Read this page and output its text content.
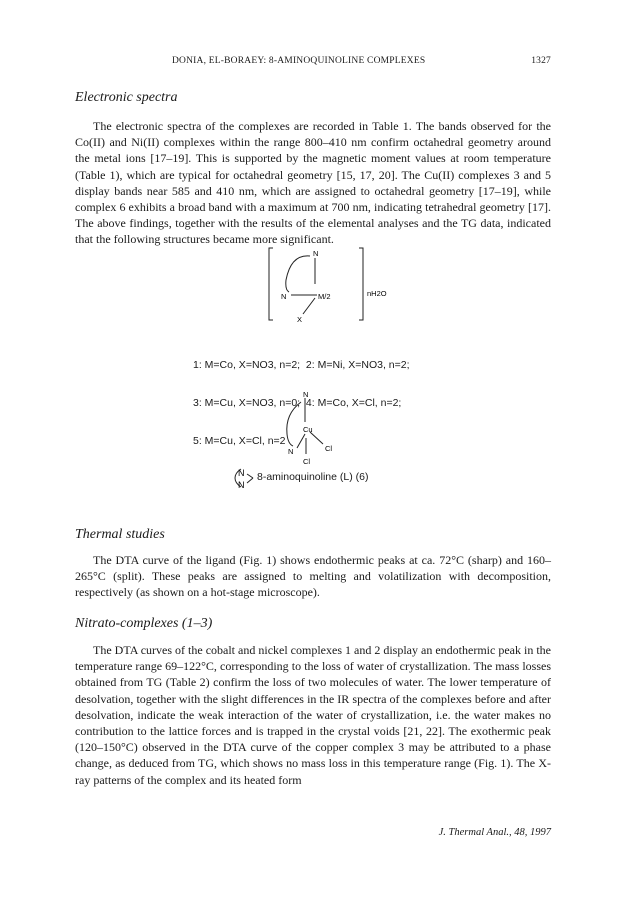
DONIA, EL-BORAEY: 8-AMINOQUINOLINE COMPLEXES	1327
Electronic spectra

The electronic spectra of the complexes are recorded in Table 1. The bands observed for the Co(II) and Ni(II) complexes within the range 800–410 nm confirm octahedral geometry around the metal ions [17–19]. This is supported by the magnetic moment values at room temperature (Table 1), which are typical for octahedral geometry [15, 17, 20]. The Cu(II) complexes 3 and 5 display bands near 585 and 410 nm, which are assigned to octahedral geometry [17–19], while complex 6 exhibits a broad band with a maximum at 700 nm, indicating tetrahedral geometry [17]. The above findings, together with the results of the elemental analyses and the TG data, indicated that the following structures became more significant.

N
N	M/2
X
nH2O

1: M=Co, X=NO3, n=2;  2: M=Ni, X=NO3, n=2;

3: M=Cu, X=NO3, n=0;  4: M=Co, X=Cl, n=2;

5: M=Cu, X=Cl, n=2

N
N
Cu
Cl
Cl
N
N
8-aminoquinoline (L) (6)
Thermal studies

The DTA curve of the ligand (Fig. 1) shows endothermic peaks at ca. 72°C (sharp) and 160–265°C (split). These peaks are assigned to melting and volatilization with decomposition, respectively (as shown on a hot-stage microscope).

Nitrato-complexes (1–3)

The DTA curves of the cobalt and nickel complexes 1 and 2 display an endothermic peak in the temperature range 69–122°C, corresponding to the loss of water of crystallization. The mass losses obtained from TG (Table 2) confirm the loss of two molecules of water. The lower temperature of desolvation, together with the slight differences in the IR spectra of the complexes before and after desolvation, indicate the weak interaction of the water of crystallization, i.e. the water makes no contribution to the lattice forces and is trapped in the crystal voids [21, 22]. The exothermic peak (120–150°C) observed in the DTA curve of the copper complex 3 may be attributed to a phase change, as deduced from TG, which shows no mass loss in this temperature range (Fig. 1). The X-ray patterns of the complex and its heated form

J. Thermal Anal., 48, 1997
